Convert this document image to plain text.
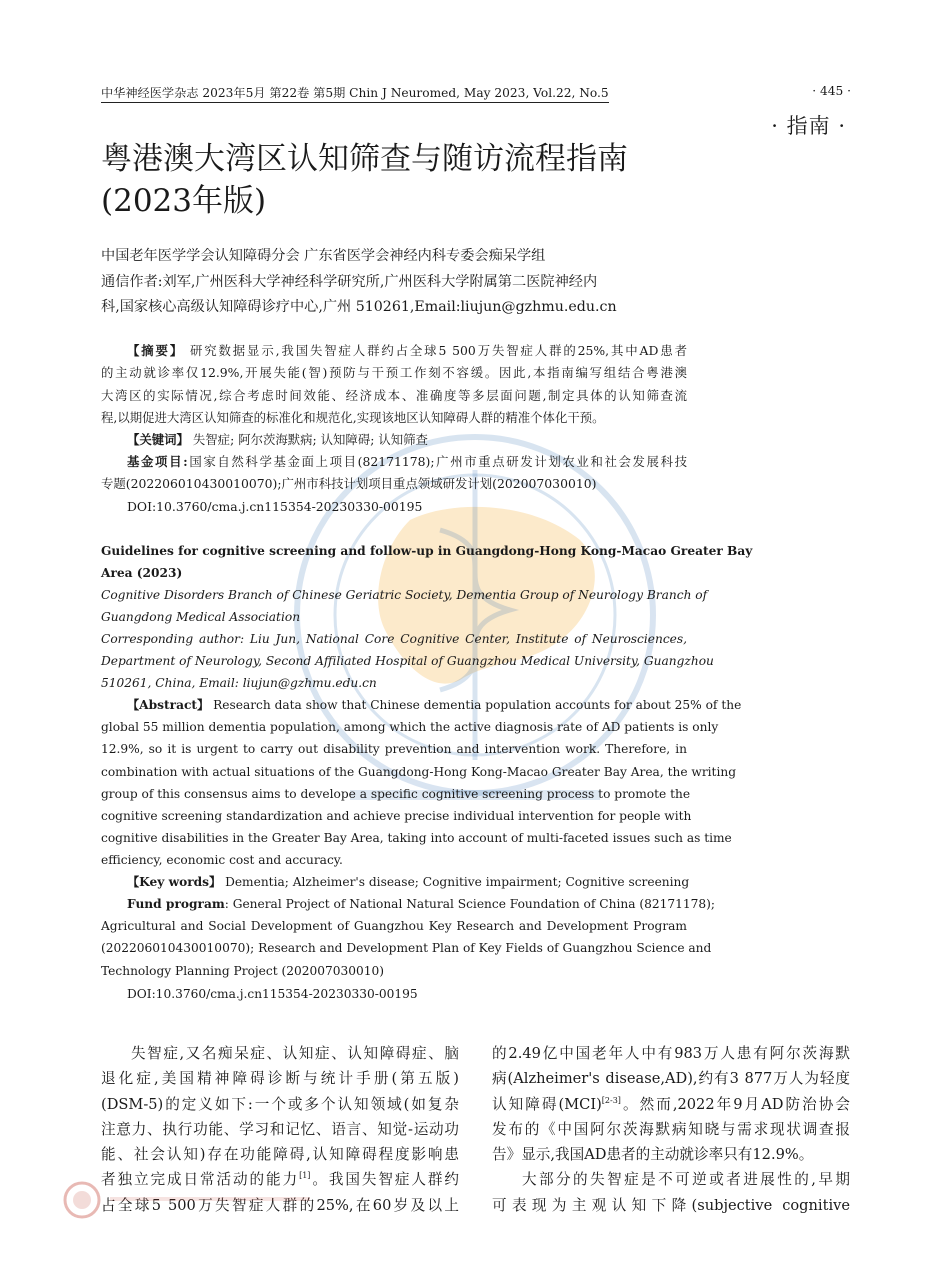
中华神经医学杂志 2023年5月 第22卷 第5期 Chin J Neuromed, May 2023, Vol.22, No.5	· 445 ·
· 指南 ·
粤港澳大湾区认知筛查与随访流程指南
(2023年版)
中国老年医学学会认知障碍分会 广东省医学会神经内科专委会痴呆学组
通信作者:刘军,广州医科大学神经科学研究所,广州医科大学附属第二医院神经内
科,国家核心高级认知障碍诊疗中心,广州 510261,Email:liujun@gzhmu.edu.cn
【摘要】 研究数据显示,我国失智症人群约占全球5 500万失智症人群的25%,其中AD患者
的主动就诊率仅12.9%,开展失能(智)预防与干预工作刻不容缓。因此,本指南编写组结合粤港澳
大湾区的实际情况,综合考虑时间效能、经济成本、准确度等多层面问题,制定具体的认知筛查流
程,以期促进大湾区认知筛查的标准化和规范化,实现该地区认知障碍人群的精准个体化干预。
【关键词】 失智症; 阿尔茨海默病; 认知障碍; 认知筛查
基金项目:国家自然科学基金面上项目(82171178);广州市重点研发计划农业和社会发展科技
专题(202206010430010070);广州市科技计划项目重点领域研发计划(202007030010)
DOI:10.3760/cma.j.cn115354-20230330-00195
Guidelines for cognitive screening and follow-up in Guangdong-Hong Kong-Macao Greater Bay
Area (2023)
Cognitive Disorders Branch of Chinese Geriatric Society, Dementia Group of Neurology Branch of
Guangdong Medical Association
Corresponding author: Liu Jun, National Core Cognitive Center, Institute of Neurosciences,
Department of Neurology, Second Affiliated Hospital of Guangzhou Medical University, Guangzhou
510261, China, Email: liujun@gzhmu.edu.cn
【Abstract】 Research data show that Chinese dementia population accounts for about 25% of the
global 55 million dementia population, among which the active diagnosis rate of AD patients is only
12.9%, so it is urgent to carry out disability prevention and intervention work. Therefore, in
combination with actual situations of the Guangdong-Hong Kong-Macao Greater Bay Area, the writing
group of this consensus aims to develope a specific cognitive screening process to promote the
cognitive screening standardization and achieve precise individual intervention for people with
cognitive disabilities in the Greater Bay Area, taking into account of multi-faceted issues such as time
efficiency, economic cost and accuracy.
【Key words】 Dementia; Alzheimer's disease; Cognitive impairment; Cognitive screening
Fund program: General Project of National Natural Science Foundation of China (82171178);
Agricultural and Social Development of Guangzhou Key Research and Development Program
(202206010430010070); Research and Development Plan of Key Fields of Guangzhou Science and
Technology Planning Project (202007030010)
DOI:10.3760/cma.j.cn115354-20230330-00195
失智症,又名痴呆症、认知症、认知障碍症、脑
退化症,美国精神障碍诊断与统计手册(第五版)
(DSM-5)的定义如下:一个或多个认知领域(如复杂
注意力、执行功能、学习和记忆、语言、知觉-运动功
能、社会认知)存在功能障碍,认知障碍程度影响患
者独立完成日常活动的能力[1]。我国失智症人群约
占全球5 500万失智症人群的25%,在60岁及以上
的2.49亿中国老年人中有983万人患有阿尔茨海默
病(Alzheimer's disease,AD),约有3 877万人为轻度
认知障碍(MCI)[2-3]。然而,2022年9月AD防治协会
发布的《中国阿尔茨海默病知晓与需求现状调查报
告》显示,我国AD患者的主动就诊率只有12.9%。
大部分的失智症是不可逆或者进展性的,早期
可表现为主观认知下降(subjective cognitive
